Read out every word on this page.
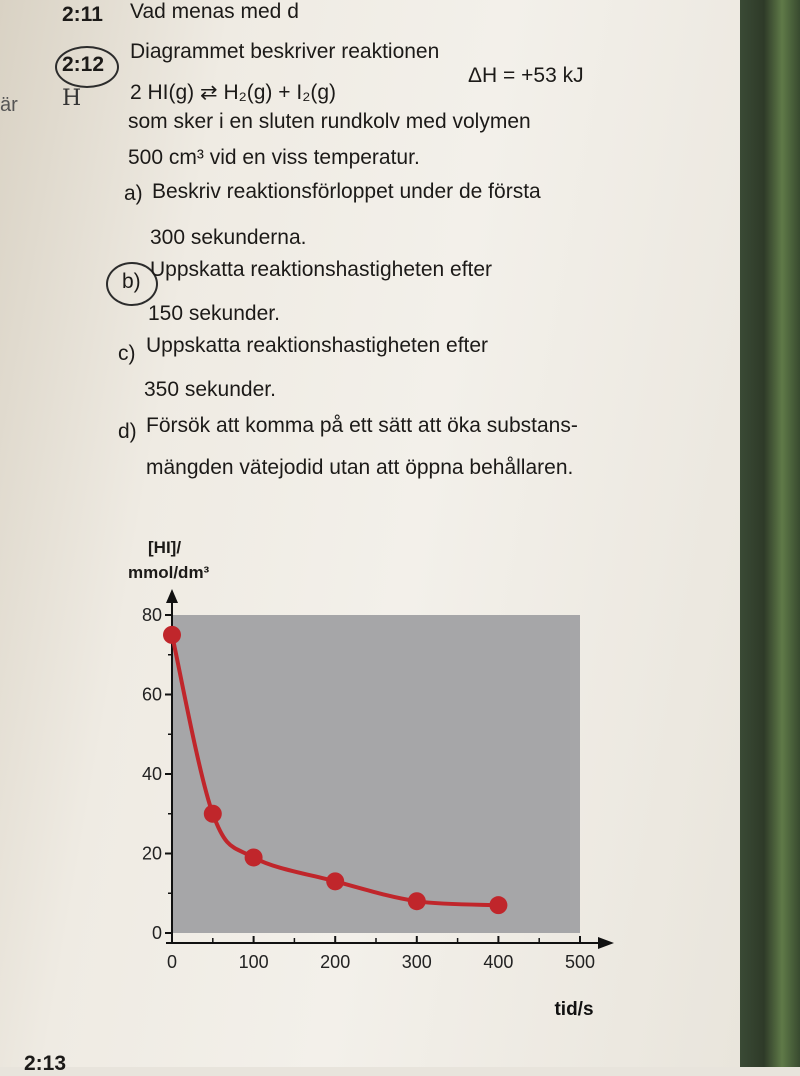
2:11 Vad menas med d
är
2:12
H
Diagrammet beskriver reaktionen
2 HI(g) ⇄ H₂(g) + I₂(g)
ΔH = +53 kJ
som sker i en sluten rundkolv med volymen
500 cm³ vid en viss temperatur.
a) Beskriv reaktionsförloppet under de första
300 sekunderna.
b)
Uppskatta reaktionshastigheten efter
150 sekunder.
c) Uppskatta reaktionshastigheten efter
350 sekunder.
d) Försök att komma på ett sätt att öka substans-
mängden vätejodid utan att öppna behållaren.
[HI]/
mmol/dm³
0
20
40
60
80
0	100	200	300	400	500
tid/s
2:13
